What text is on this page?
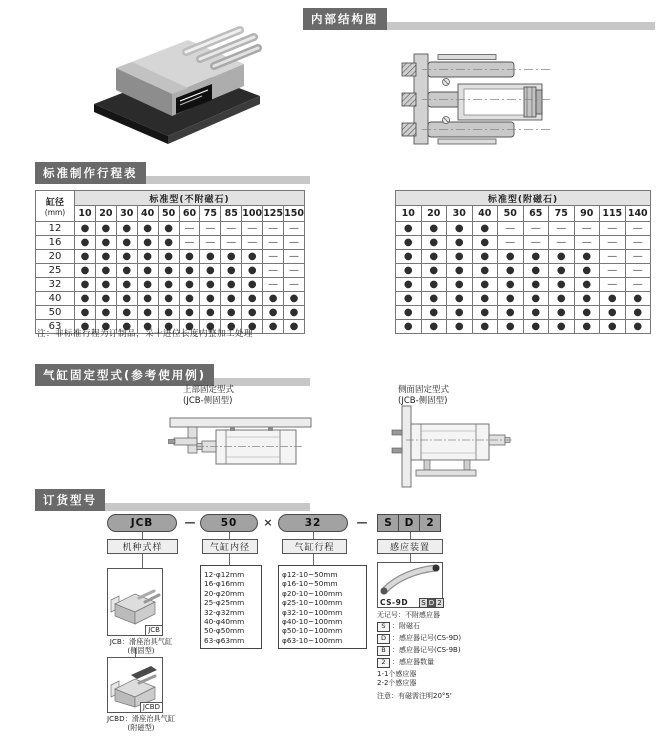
内部结构图
标准制作行程表
缸径
(mm)	标准型(不附磁石)										
	10	20	30	40	50	60	75	85	100	125	150
12	●	●	●	●	●	—	—	—	—	—	—
16	●	●	●	●	●	—	—	—	—	—	—
20	●	●	●	●	●	●	●	●	●	—	—
25	●	●	●	●	●	●	●	●	●	—	—
32	●	●	●	●	●	●	●	●	●	—	—
40	●	●	●	●	●	●	●	●	●	●	●
50	●	●	●	●	●	●	●	●	●	●	●
63	●	●	●	●	●	●	●	●	●	●	●
标准型(附磁石)									
10	20	30	40	50	65	75	90	115	140
●	●	●	●	—	—	—	—	—	—
●	●	●	●	—	—	—	—	—	—
●	●	●	●	●	●	●	●	—	—
●	●	●	●	●	●	●	●	—	—
●	●	●	●	●	●	●	●	—	—
●	●	●	●	●	●	●	●	●	●
●	●	●	●	●	●	●	●	●	●
●	●	●	●	●	●	●	●	●	●
注：非标准行程为订制品，采十进位长度内整加工处理
气缸固定型式(参考使用例)
上部固定型式
(JCB-侧固型)
侧面固定型式
(JCB-侧固型)
订货型号
JCB	—	50	×	32	—	S	D	2
机种式样	气缸内径	气缸行程	感应装置
JCB
JCB：滑座治具气缸
(侧固型)
JCBD
JCBD：滑座治具气缸
(附磁型)
12-φ12mm
16-φ16mm
20-φ20mm
25-φ25mm
32-φ32mm
40-φ40mm
50-φ50mm
63-φ63mm
φ12-10~50mm
φ16-10~50mm
φ20-10~100mm
φ25-10~100mm
φ32-10~100mm
φ40-10~100mm
φ50-10~100mm
φ63-10~100mm
CS-9D	S D 2
无记号：不附感应器
S ：附磁石
D ：感应器记号(CS-9D)
B ：感应器记号(CS-9B)
2 ：感应器数量
1-1个感应器
2-2个感应器
注意：有磁需注明20°5'
